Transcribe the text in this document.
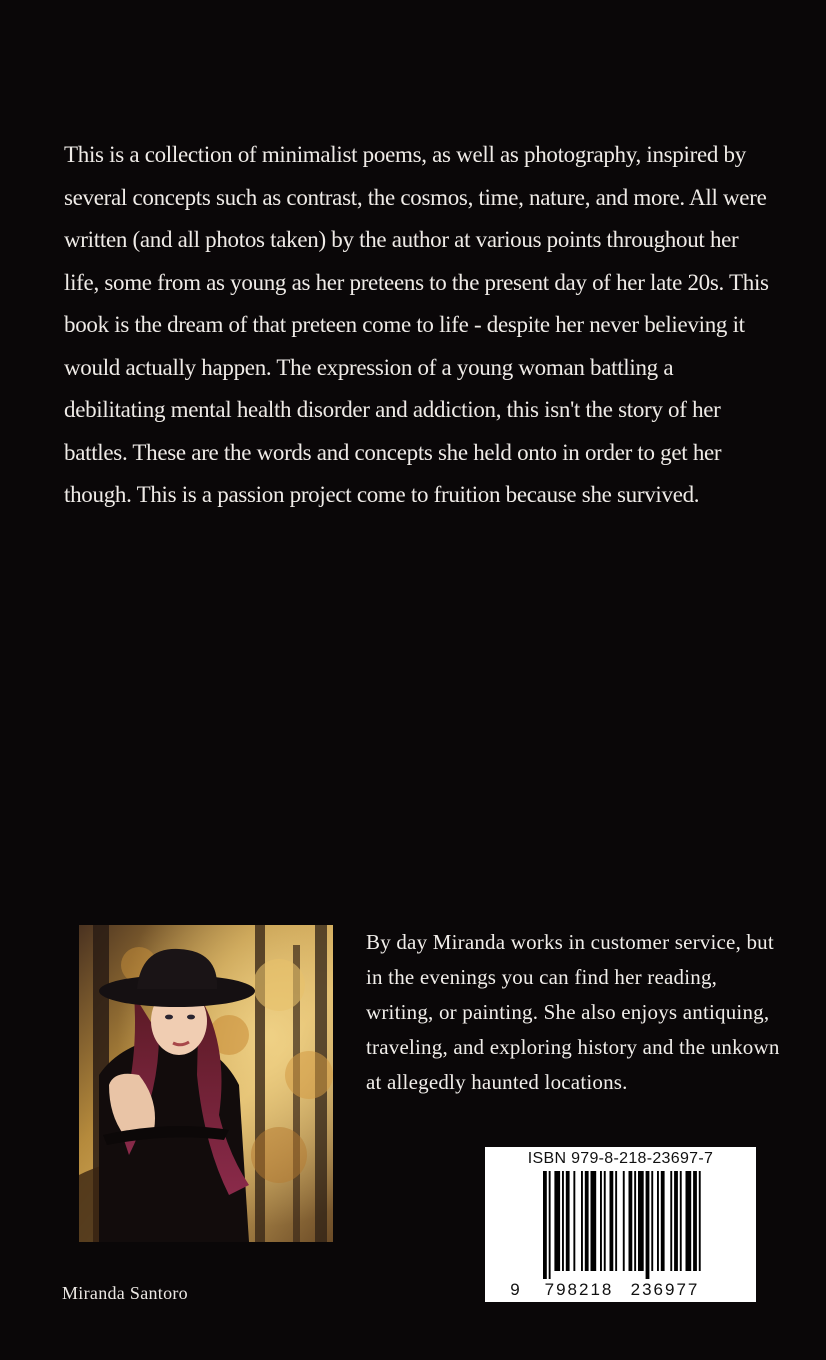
This is a collection of minimalist poems, as well as photography, inspired by several concepts such as contrast, the cosmos, time, nature, and more. All were written (and all photos taken) by the author at various points throughout her life, some from as young as her preteens to the present day of her late 20s. This book is the dream of that preteen come to life - despite her never believing it would actually happen. The expression of a young woman battling a debilitating mental health disorder and addiction, this isn't the story of her battles. These are the words and concepts she held onto in order to get her though. This is a passion project come to fruition because she survived.

By day Miranda works in customer service, but in the evenings you can find her reading, writing, or painting. She also enjoys antiquing, traveling, and exploring history and the unkown at allegedly haunted locations.

Miranda Santoro

ISBN 979-8-218-23697-7
9 798218 236977
